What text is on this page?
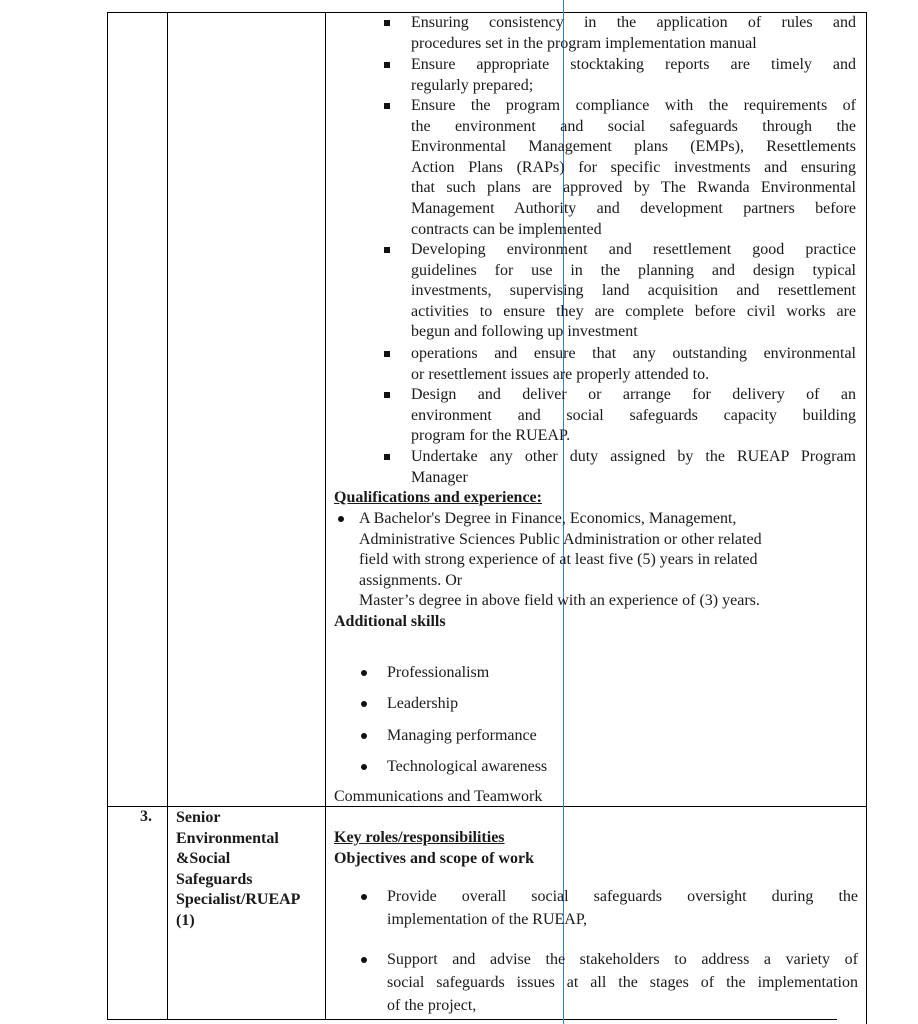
Ensuring consistency in the application of rules and
procedures set in the program implementation manual
Ensure appropriate stocktaking reports are timely and
regularly prepared;
Ensure the program compliance with the requirements of
the environment and social safeguards through the
Environmental Management plans (EMPs), Resettlements
Action Plans (RAPs) for specific investments and ensuring
that such plans are approved by The Rwanda Environmental
Management Authority and development partners before
contracts can be implemented
Developing environment and resettlement good practice
guidelines for use in the planning and design typical
investments, supervising land acquisition and resettlement
activities to ensure they are complete before civil works are
begun and following up investment
operations and ensure that any outstanding environmental
or resettlement issues are properly attended to.
Design and deliver or arrange for delivery of an
environment and social safeguards capacity building
program for the RUEAP.
Undertake any other duty assigned by the RUEAP Program
Manager
Qualifications and experience:
A Bachelor's Degree in Finance, Economics, Management,
Administrative Sciences Public Administration or other related
field with strong experience of at least five (5) years in related
assignments. Or
Master’s degree in above field with an experience of (3) years.
Additional skills
Professionalism
Leadership
Managing performance
Technological awareness
Communications and Teamwork
3. Senior
Environmental
&Social
Safeguards
Specialist/RUEAP
(1)
Key roles/responsibilities
Objectives and scope of work
Provide overall social safeguards oversight during the
implementation of the RUEAP,
Support and advise the stakeholders to address a variety of
social safeguards issues at all the stages of the implementation
of the project,
